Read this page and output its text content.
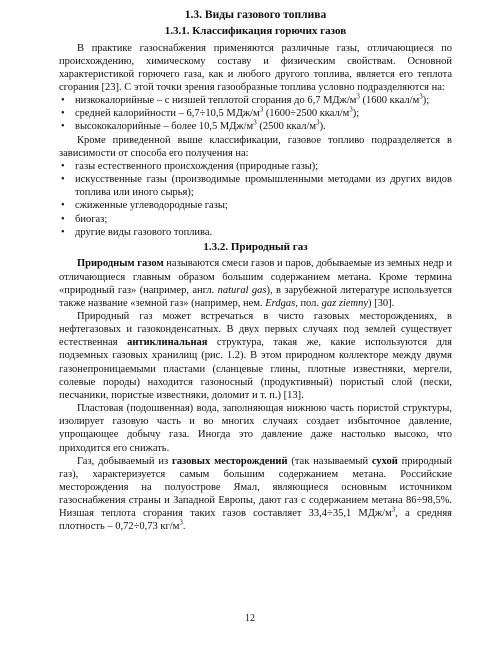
1.3. Виды газового топлива
1.3.1. Классификация горючих газов

В практике газоснабжения применяются различные газы, отличающиеся по происхождению, химическому составу и физическим свойствам. Основной характеристикой горючего газа, как и любого другого топлива, является его теплота сгорания [23]. С этой точки зрения газообразные топлива условно подразделяются на:

• низкокалорийные – с низшей теплотой сгорания до 6,7 МДж/$м^3$ (1600 ккал/$м^3$);
• средней калорийности – 6,7÷10,5 МДж/$м^3$ (1600÷2500 ккал/$м^3$);
• высококалорийные – более 10,5 МДж/$м^3$ (2500 ккал/$м^3$).

Кроме приведенной выше классификации, газовое топливо подразделяется в зависимости от способа его получения на:

• газы естественного происхождения (природные газы);
• искусственные газы (производимые промышленными методами из других видов топлива или иного сырья);
• сжиженные углеводородные газы;
• биогаз;
• другие виды газового топлива.
1.3.2. Природный газ

Природным газом называются смеси газов и паров, добываемые из земных недр и отличающиеся главным образом большим содержанием метана. Кроме термина «природный газ» (например, англ. natural gas), в зарубежной литературе используется также название «земной газ» (например, нем. Erdgas, пол. gaz ziemny) [30].

Природный газ может встречаться в чисто газовых месторождениях, в нефтегазовых и газоконденсатных. В двух первых случаях под землей существует естественная антиклинальная структура, такая же, какие используются для подземных газовых хранилищ (рис. 1.2). В этом природном коллекторе между двумя газонепроницаемыми пластами (сланцевые глины, плотные известняки, мергели, солевые породы) находится газоносный (продуктивный) пористый слой (пески, песчаники, пористые известняки, доломит и т. п.) [13].

Пластовая (подошвенная) вода, заполняющая нижнюю часть пористой структуры, изолирует газовую часть и во многих случаях создает избыточное давление, упрощающее добычу газа. Иногда это давление даже настолько высоко, что приходится его снижать.

Газ, добываемый из газовых месторождений (так называемый сухой природный газ), характеризуется самым большим содержанием метана. Российские месторождения на полуострове Ямал, являющиеся основным источником газоснабжения страны и Западной Европы, дают газ с содержанием метана 86÷98,5%. Низшая теплота сгорания таких газов составляет 33,4÷35,1 МДж/$м^3$, а средняя плотность – 0,72÷0,73 $кг/м^3$.

12
